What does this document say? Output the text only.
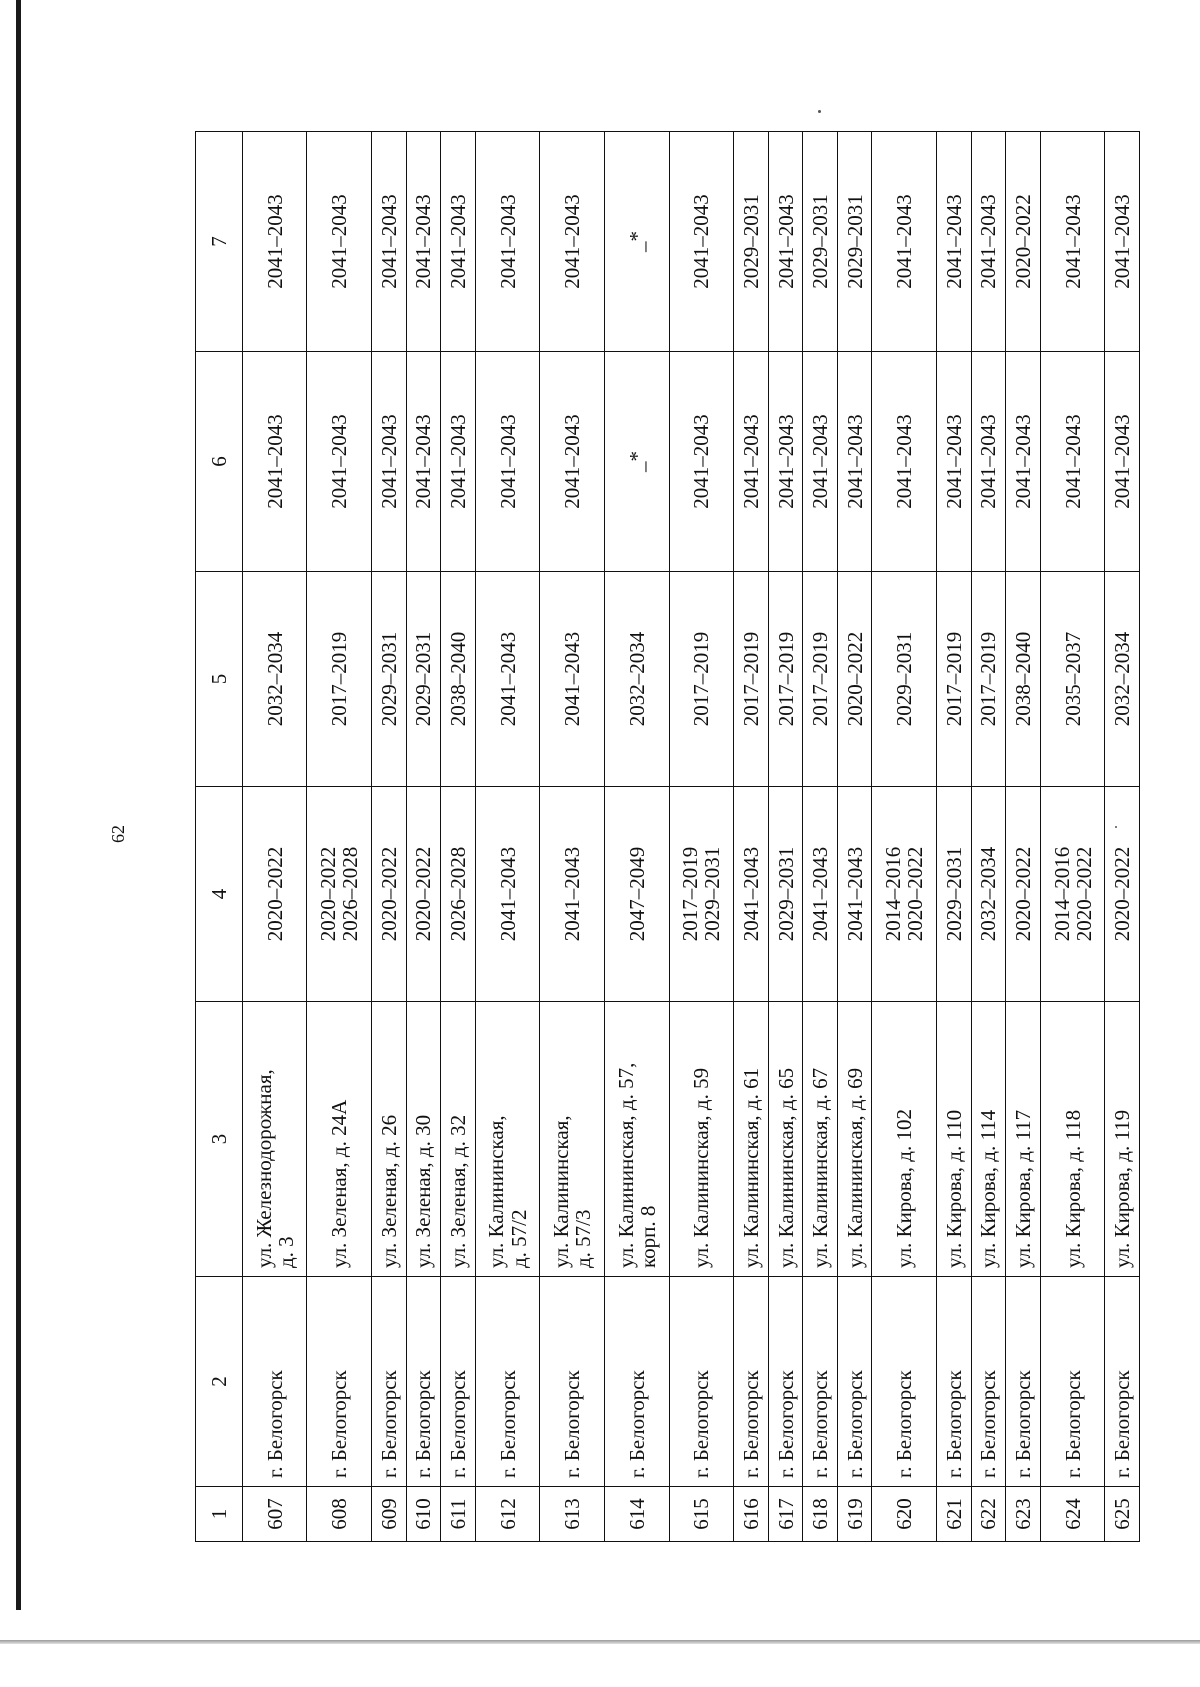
62
1	2	3	4	5	6	7
607	г. Белогорск	ул. Железнодорожная,
д. 3	2020–2022	2032–2034	2041–2043	2041–2043
608	г. Белогорск	ул. Зеленая, д. 24А	2020–2022
2026–2028	2017–2019	2041–2043	2041–2043
609	г. Белогорск	ул. Зеленая, д. 26	2020–2022	2029–2031	2041–2043	2041–2043
610	г. Белогорск	ул. Зеленая, д. 30	2020–2022	2029–2031	2041–2043	2041–2043
611	г. Белогорск	ул. Зеленая, д. 32	2026–2028	2038–2040	2041–2043	2041–2043
612	г. Белогорск	ул. Калининская,
д. 57/2	2041–2043	2041–2043	2041–2043	2041–2043
613	г. Белогорск	ул. Калининская,
д. 57/3	2041–2043	2041–2043	2041–2043	2041–2043
614	г. Белогорск	ул. Калининская, д. 57,
корп. 8	2047–2049	2032–2034	_*	_*
615	г. Белогорск	ул. Калининская, д. 59	2017–2019
2029–2031	2017–2019	2041–2043	2041–2043
616	г. Белогорск	ул. Калининская, д. 61	2041–2043	2017–2019	2041–2043	2029–2031
617	г. Белогорск	ул. Калининская, д. 65	2029–2031	2017–2019	2041–2043	2041–2043
618	г. Белогорск	ул. Калининская, д. 67	2041–2043	2017–2019	2041–2043	2029–2031
619	г. Белогорск	ул. Калининская, д. 69	2041–2043	2020–2022	2041–2043	2029–2031
620	г. Белогорск	ул. Кирова, д. 102	2014–2016
2020–2022	2029–2031	2041–2043	2041–2043
621	г. Белогорск	ул. Кирова, д. 110	2029–2031	2017–2019	2041–2043	2041–2043
622	г. Белогорск	ул. Кирова, д. 114	2032–2034	2017–2019	2041–2043	2041–2043
623	г. Белогорск	ул. Кирова, д. 117	2020–2022	2038–2040	2041–2043	2020–2022
624	г. Белогорск	ул. Кирова, д. 118	2014–2016
2020–2022	2035–2037	2041–2043	2041–2043
625	г. Белогорск	ул. Кирова, д. 119	2020–2022	2032–2034	2041–2043	2041–2043
